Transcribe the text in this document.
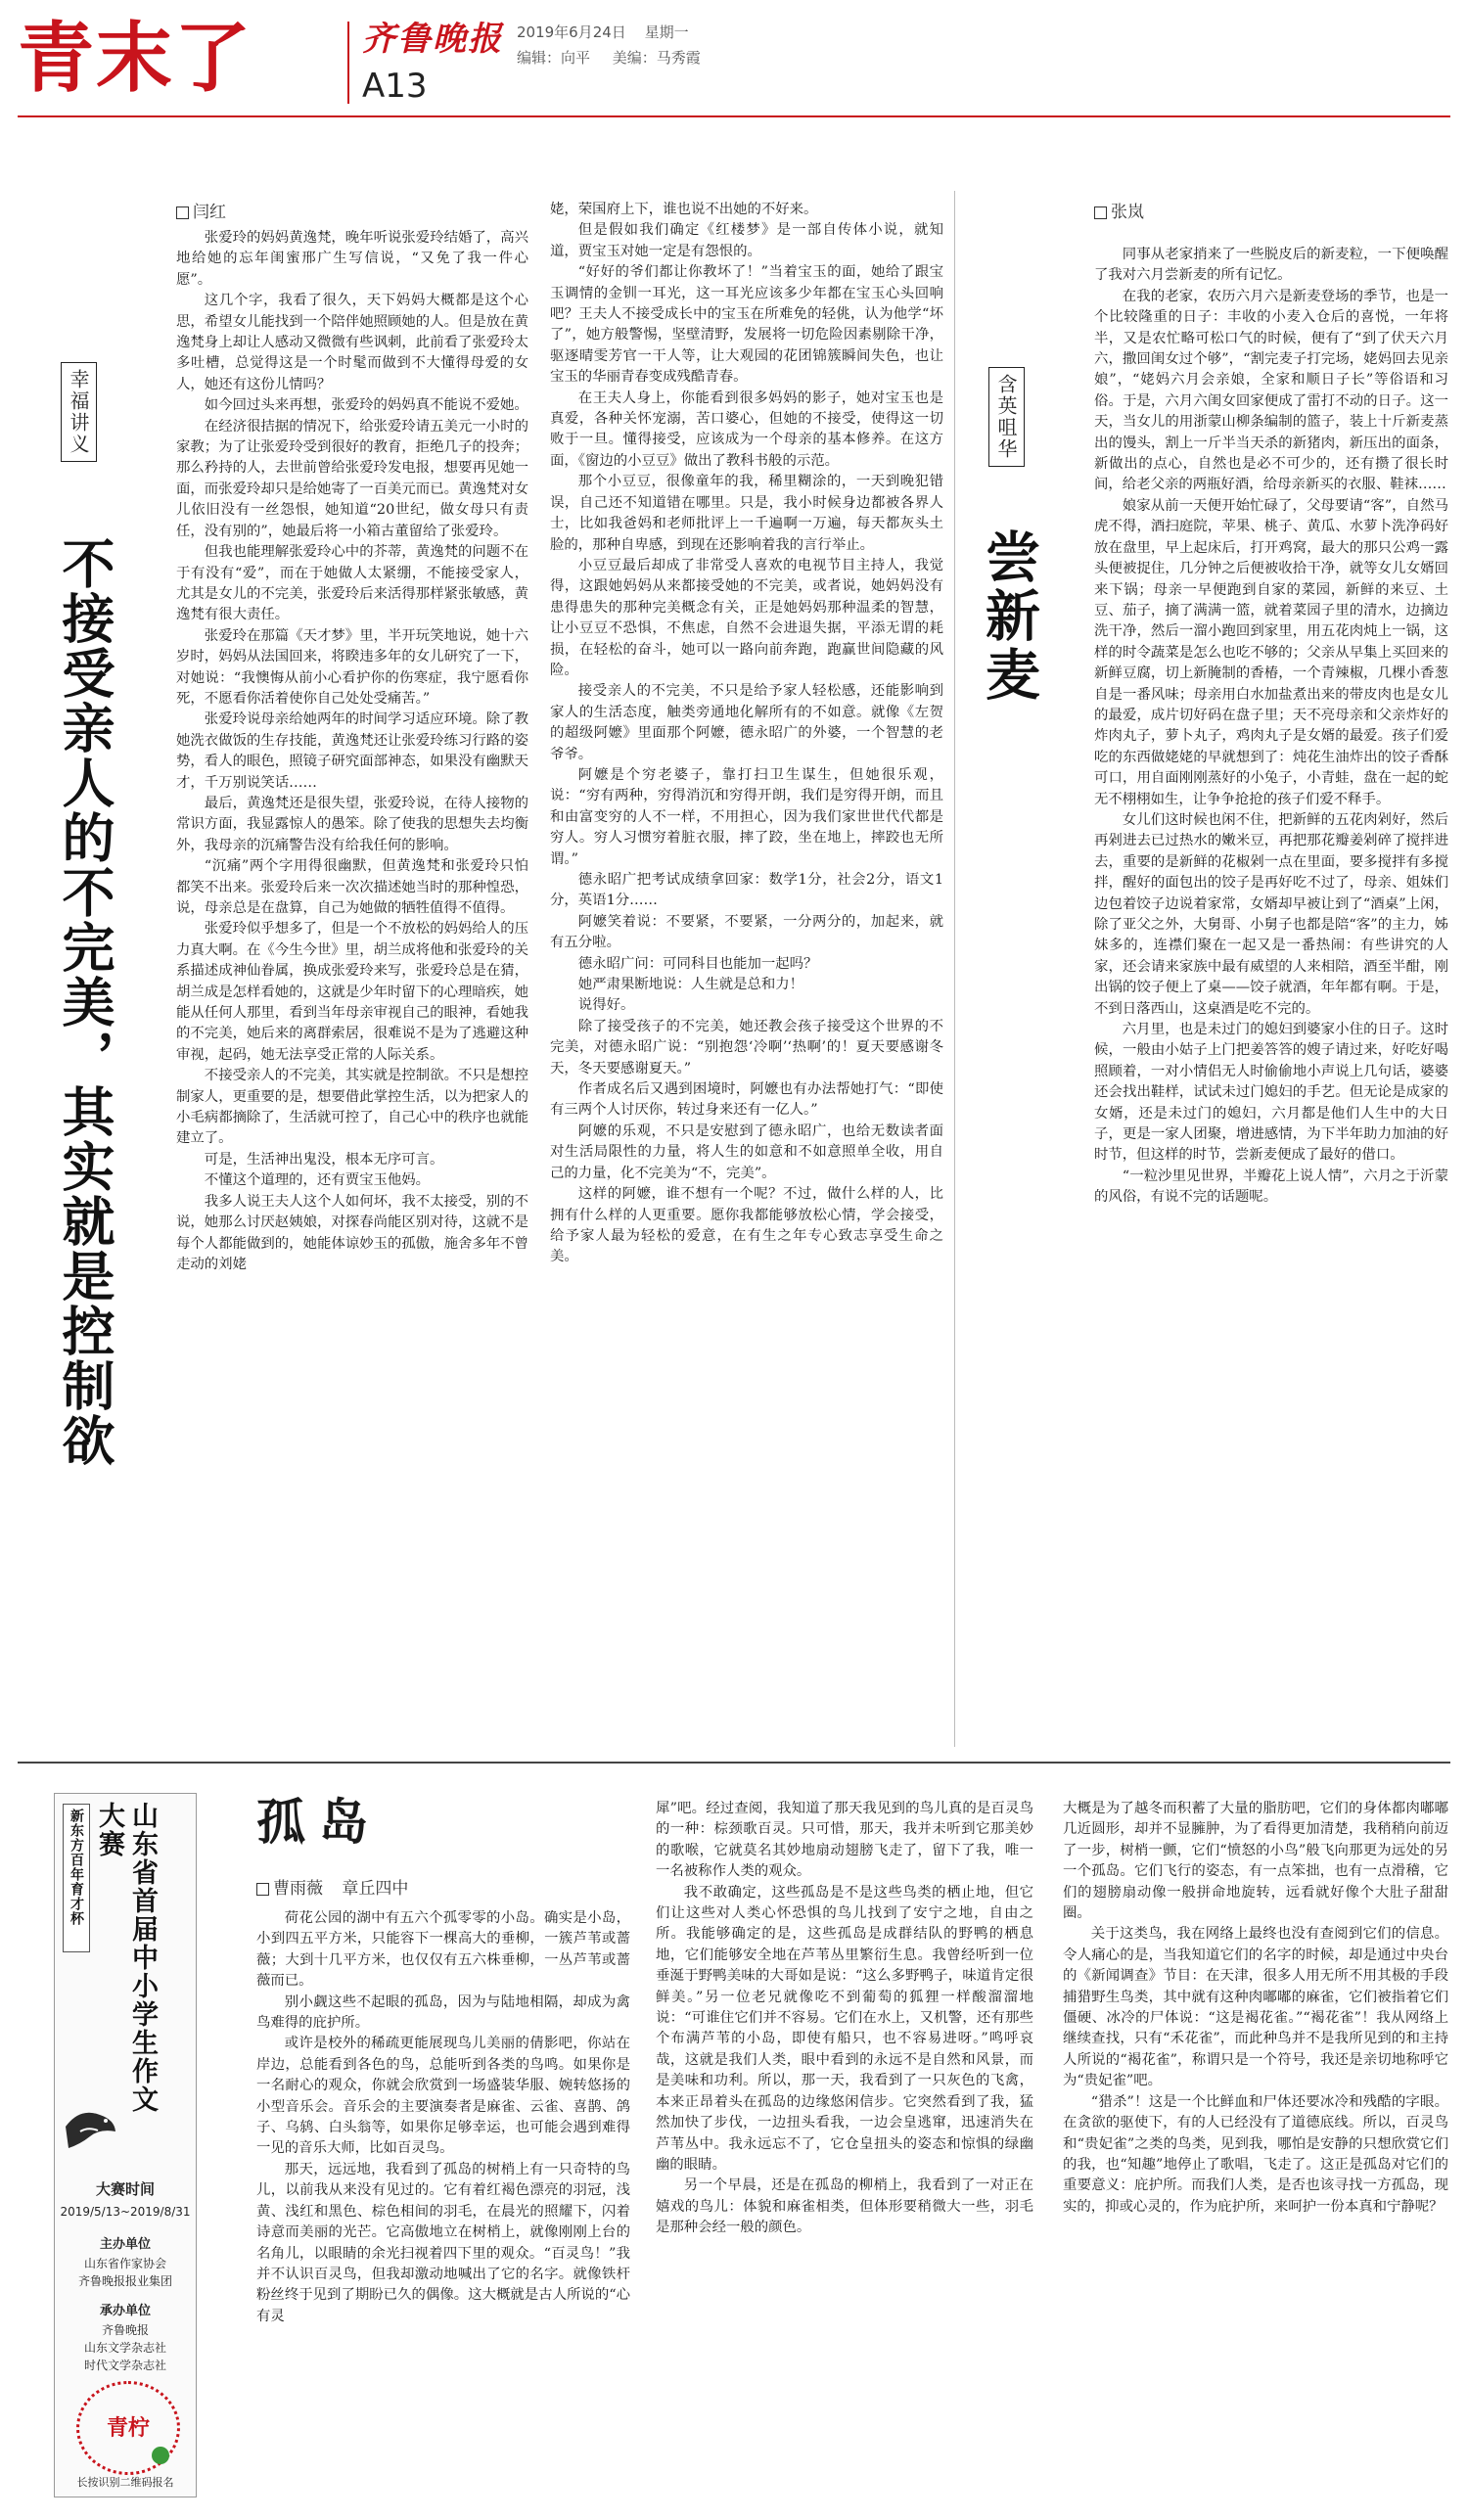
青末了	齐鲁晚报
A13
2019年6月24日 星期一
编辑：向平 美编：马秀霞
幸福讲义
不接受亲人的不完美，其实就是控制欲
闫红

张爱玲的妈妈黄逸梵，晚年听说张爱玲结婚了，高兴地给她的忘年闺蜜邢广生写信说，“又免了我一件心愿”。

这几个字，我看了很久，天下妈妈大概都是这个心思，希望女儿能找到一个陪伴她照顾她的人。但是放在黄逸梵身上却让人感动又微微有些讽刺，此前看了张爱玲太多吐槽，总觉得这是一个时髦而做到不大懂得母爱的女人，她还有这份儿情吗？

如今回过头来再想，张爱玲的妈妈真不能说不爱她。

在经济很拮据的情况下，给张爱玲请五美元一小时的家教；为了让张爱玲受到很好的教育，拒绝几子的投奔；那么矜持的人，去世前曾给张爱玲发电报，想要再见她一面，而张爱玲却只是给她寄了一百美元而已。黄逸梵对女儿依旧没有一丝怨恨，她知道“20世纪，做女母只有责任，没有别的”，她最后将一小箱古董留给了张爱玲。

但我也能理解张爱玲心中的芥蒂，黄逸梵的问题不在于有没有“爱”，而在于她做人太紧绷，不能接受家人，尤其是女儿的不完美，张爱玲后来活得那样紧张敏感，黄逸梵有很大责任。

张爱玲在那篇《天才梦》里，半开玩笑地说，她十六岁时，妈妈从法国回来，将睽违多年的女儿研究了一下，对她说：“我懊悔从前小心看护你的伤寒症，我宁愿看你死，不愿看你活着使你自己处处受痛苦。”

张爱玲说母亲给她两年的时间学习适应环境。除了教她洗衣做饭的生存技能，黄逸梵还让张爱玲练习行路的姿势，看人的眼色，照镜子研究面部神态，如果没有幽默天才，千万别说笑话……

最后，黄逸梵还是很失望，张爱玲说，在待人接物的常识方面，我显露惊人的愚笨。除了使我的思想失去均衡外，我母亲的沉痛警告没有给我任何的影响。

“沉痛”两个字用得很幽默，但黄逸梵和张爱玲只怕都笑不出来。张爱玲后来一次次描述她当时的那种惶恐，说，母亲总是在盘算，自己为她做的牺牲值得不值得。

张爱玲似乎想多了，但是一个不放松的妈妈给人的压力真大啊。在《今生今世》里，胡兰成将他和张爱玲的关系描述成神仙眷属，换成张爱玲来写，张爱玲总是在猜，胡兰成是怎样看她的，这就是少年时留下的心理暗疾，她能从任何人那里，看到当年母亲审视自己的眼神，看她我的不完美，她后来的离群索居，很难说不是为了逃避这种审视，起码，她无法享受正常的人际关系。

不接受亲人的不完美，其实就是控制欲。不只是想控制家人，更重要的是，想要借此掌控生活，以为把家人的小毛病都摘除了，生活就可控了，自己心中的秩序也就能建立了。

可是，生活神出鬼没，根本无序可言。

不懂这个道理的，还有贾宝玉他妈。

我多人说王夫人这个人如何坏，我不太接受，别的不说，她那么讨厌赵姨娘，对探春尚能区别对待，这就不是每个人都能做到的，她能体谅妙玉的孤傲，施舍多年不曾走动的刘姥

姥，荣国府上下，谁也说不出她的不好来。

但是假如我们确定《红楼梦》是一部自传体小说，就知道，贾宝玉对她一定是有怨恨的。

“好好的爷们都让你教坏了！”当着宝玉的面，她给了跟宝玉调情的金钏一耳光，这一耳光应该多少年都在宝玉心头回响吧？王夫人不接受成长中的宝玉在所难免的轻佻，认为他学“坏了”，她方般警惕，坚壁清野，发展将一切危险因素剔除干净，驱逐晴雯芳官一干人等，让大观园的花团锦簇瞬间失色，也让宝玉的华丽青春变成残酷青春。

在王夫人身上，你能看到很多妈妈的影子，她对宝玉也是真爱，各种关怀宠溺，苦口婆心，但她的不接受，使得这一切败于一旦。懂得接受，应该成为一个母亲的基本修养。在这方面，《窗边的小豆豆》做出了教科书般的示范。

那个小豆豆，很像童年的我，稀里糊涂的，一天到晚犯错误，自己还不知道错在哪里。只是，我小时候身边都被各界人士，比如我爸妈和老师批评上一千遍啊一万遍，每天都灰头土脸的，那种自卑感，到现在还影响着我的言行举止。

小豆豆最后却成了非常受人喜欢的电视节目主持人，我觉得，这跟她妈妈从来都接受她的不完美，或者说，她妈妈没有患得患失的那种完美概念有关，正是她妈妈那种温柔的智慧，让小豆豆不恐惧，不焦虑，自然不会进退失据，平添无谓的耗损，在轻松的奋斗，她可以一路向前奔跑，跑赢世间隐藏的风险。

接受亲人的不完美，不只是给予家人轻松感，还能影响到家人的生活态度，触类旁通地化解所有的不如意。就像《左贺的超级阿嬷》里面那个阿嬷，德永昭广的外婆，一个智慧的老爷爷。

阿嬷是个穷老婆子，靠打扫卫生谋生，但她很乐观，说：“穷有两种，穷得消沉和穷得开朗，我们是穷得开朗，而且和由富变穷的人不一样，不用担心，因为我们家世世代代都是穷人。穷人习惯穷着脏衣服，摔了跤，坐在地上，摔跤也无所谓。”

德永昭广把考试成绩拿回家：数学1分，社会2分，语文1分，英语1分……

阿嬷笑着说：不要紧，不要紧，一分两分的，加起来，就有五分啦。

德永昭广问：可同科目也能加一起吗？

她严肃果断地说：人生就是总和力！

说得好。

除了接受孩子的不完美，她还教会孩子接受这个世界的不完美，对德永昭广说：“别抱怨‘冷啊’‘热啊’的！夏天要感谢冬天，冬天要感谢夏天。”

作者成名后又遇到困境时，阿嬷也有办法帮她打气：“即使有三两个人讨厌你，转过身来还有一亿人。”

阿嬷的乐观，不只是安慰到了德永昭广，也给无数读者面对生活局限性的力量，将人生的如意和不如意照单全收，用自己的力量，化不完美为“不，完美”。

这样的阿嬷，谁不想有一个呢？不过，做什么样的人，比拥有什么样的人更重要。愿你我都能够放松心情，学会接受，给予家人最为轻松的爱意，在有生之年专心致志享受生命之美。

含英咀华
尝新麦
张岚

同事从老家捎来了一些脱皮后的新麦粒，一下便唤醒了我对六月尝新麦的所有记忆。

在我的老家，农历六月六是新麦登场的季节，也是一个比较隆重的日子：丰收的小麦入仓后的喜悦，一年将半，又是农忙略可松口气的时候，便有了“到了伏天六月六，撒回闺女过个够”，“割完麦子打完场，姥妈回去见亲娘”，“姥妈六月会亲娘，全家和顺日子长”等俗语和习俗。于是，六月六闺女回家便成了雷打不动的日子。这一天，当女儿的用浙蒙山柳条编制的篮子，装上十斤新麦蒸出的馒头，割上一斤半当天杀的新猪肉，新压出的面条，新做出的点心，自然也是必不可少的，还有攒了很长时间，给老父亲的两瓶好酒，给母亲新买的衣服、鞋袜……

娘家从前一天便开始忙碌了，父母要请“客”，自然马虎不得，酒扫庭院，苹果、桃子、黄瓜、水萝卜洗净码好放在盘里，早上起床后，打开鸡窝，最大的那只公鸡一露头便被捉住，几分钟之后便被收拾干净，就等女儿女婿回来下锅；母亲一早便跑到自家的菜园，新鲜的来豆、土豆、茄子，摘了满满一篮，就着菜园子里的清水，边摘边洗干净，然后一溜小跑回到家里，用五花肉炖上一锅，这样的时令蔬菜是怎么也吃不够的；父亲从早集上买回来的新鲜豆腐，切上新腌制的香椿，一个青辣椒，几棵小香葱自是一番风味；母亲用白水加盐煮出来的带皮肉也是女儿的最爱，成片切好码在盘子里；天不亮母亲和父亲炸好的炸肉丸子，萝卜丸子，鸡肉丸子是女婿的最爱。孩子们爱吃的东西做姥姥的早就想到了：炖花生油炸出的饺子香酥可口，用自面刚刚蒸好的小兔子，小青蛙，盘在一起的蛇无不栩栩如生，让争争抢抢的孩子们爱不释手。

女儿们这时候也闲不住，把新鲜的五花肉剁好，然后再剁进去已过热水的嫩米豆，再把那花瓣姜剁碎了搅拌进去，重要的是新鲜的花椒剁一点在里面，要多搅拌有多搅拌，醒好的面包出的饺子是再好吃不过了，母亲、姐妹们边包着饺子边说着家常，女婿却早被让到了“酒桌”上闲，除了亚父之外，大舅哥、小舅子也都是陪“客”的主力，姊妹多的，连襟们聚在一起又是一番热闹：有些讲究的人家，还会请来家族中最有威望的人来相陪，酒至半酣，刚出锅的饺子便上了桌——饺子就酒，年年都有啊。于是，不到日落西山，这桌酒是吃不完的。

六月里，也是未过门的媳妇到婆家小住的日子。这时候，一般由小姑子上门把姜答答的嫂子请过来，好吃好喝照顾着，一对小情侣无人时偷偷地小声说上几句话，婆婆还会找出鞋样，试试未过门媳妇的手艺。但无论是成家的女婿，还是未过门的媳妇，六月都是他们人生中的大日子，更是一家人团聚，增进感情，为下半年助力加油的好时节，但这样的时节，尝新麦便成了最好的借口。

“一粒沙里见世界，半瓣花上说人情”，六月之于沂蒙的风俗，有说不完的话题呢。

新东方百年育才杯	山东省首届中小学生作文大赛
大赛时间
2019/5/13~2019/8/31
主办单位
山东省作家协会
齐鲁晚报报业集团
承办单位
齐鲁晚报
山东文学杂志社
时代文学杂志社
青柠
长按识别二维码报名
孤岛
曹雨薇 章丘四中

荷花公园的湖中有五六个孤零零的小岛。确实是小岛，小到四五平方米，只能容下一棵高大的垂柳，一簇芦苇或蔷薇；大到十几平方米，也仅仅有五六株垂柳，一丛芦苇或蔷薇而已。

别小觑这些不起眼的孤岛，因为与陆地相隔，却成为禽鸟难得的庇护所。

或许是校外的稀疏更能展现鸟儿美丽的倩影吧，你站在岸边，总能看到各色的鸟，总能听到各类的鸟鸣。如果你是一名耐心的观众，你就会欣赏到一场盛装华服、婉转悠扬的小型音乐会。音乐会的主要演奏者是麻雀、云雀、喜鹊、鸽子、乌鸫、白头翁等，如果你足够幸运，也可能会遇到难得一见的音乐大师，比如百灵鸟。

那天，远远地，我看到了孤岛的树梢上有一只奇特的鸟儿，以前我从来没有见过的。它有着红褐色漂亮的羽冠，浅黄、浅红和黑色、棕色相间的羽毛，在晨光的照耀下，闪着诗意而美丽的光芒。它高傲地立在树梢上，就像刚刚上台的名角儿，以眼睛的余光扫视着四下里的观众。“百灵鸟！”我并不认识百灵鸟，但我却激动地喊出了它的名字。就像铁杆粉丝终于见到了期盼已久的偶像。这大概就是古人所说的“心有灵

犀”吧。经过查阅，我知道了那天我见到的鸟儿真的是百灵鸟的一种：棕颈歌百灵。只可惜，那天，我并未听到它那美妙的歌喉，它就莫名其妙地扇动翅膀飞走了，留下了我，唯一一名被称作人类的观众。

我不敢确定，这些孤岛是不是这些鸟类的栖止地，但它们让这些对人类心怀恐惧的鸟儿找到了安宁之地，自由之所。我能够确定的是，这些孤岛是成群结队的野鸭的栖息地，它们能够安全地在芦苇丛里繁衍生息。我曾经听到一位垂涎于野鸭美味的大哥如是说：“这么多野鸭子，味道肯定很鲜美。”另一位老兄就像吃不到葡萄的狐狸一样酸溜溜地说：“可谁住它们并不容易。它们在水上，又机警，还有那些个布满芦苇的小岛，即使有船只，也不容易进呀。”鸣呼哀哉，这就是我们人类，眼中看到的永远不是自然和风景，而是美味和功利。所以，那一天，我看到了一只灰色的飞禽，本来正昂着头在孤岛的边缘悠闲信步。它突然看到了我，猛然加快了步伐，一边扭头看我，一边会皇逃窜，迅速消失在芦苇丛中。我永远忘不了，它仓皇扭头的姿态和惊惧的绿幽幽的眼睛。

另一个早晨，还是在孤岛的柳梢上，我看到了一对正在嬉戏的鸟儿：体貌和麻雀相类，但体形要稍微大一些，羽毛是那种会经一般的颜色。

大概是为了越冬而积蓄了大量的脂肪吧，它们的身体都肉嘟嘟几近圆形，却并不显臃肿，为了看得更加清楚，我稍稍向前迈了一步，树梢一颤，它们“愤怒的小鸟”般飞向那更为远处的另一个孤岛。它们飞行的姿态，有一点笨拙，也有一点滑稽，它们的翅膀扇动像一般拼命地旋转，远看就好像个大肚子甜甜圈。

关于这类鸟，我在网络上最终也没有查阅到它们的信息。令人痛心的是，当我知道它们的名字的时候，却是通过中央台的《新闻调查》节目：在天津，很多人用无所不用其极的手段捕猎野生鸟类，其中就有这种肉嘟嘟的麻雀，它们被指着它们僵硬、冰冷的尸体说：“这是褐花雀。”“褐花雀”！我从网络上继续查找，只有“禾花雀”，而此种鸟并不是我所见到的和主持人所说的“褐花雀”，称谓只是一个符号，我还是亲切地称呼它为“贵妃雀”吧。

“猎杀”！这是一个比鲜血和尸体还要冰冷和残酷的字眼。在贪欲的驱使下，有的人已经没有了道德底线。所以，百灵鸟和“贵妃雀”之类的鸟类，见到我，哪怕是安静的只想欣赏它们的我，也“知趣”地停止了歌唱，飞走了。这正是孤岛对它们的重要意义：庇护所。而我们人类，是否也该寻找一方孤岛，现实的，抑或心灵的，作为庇护所，来呵护一份本真和宁静呢？
